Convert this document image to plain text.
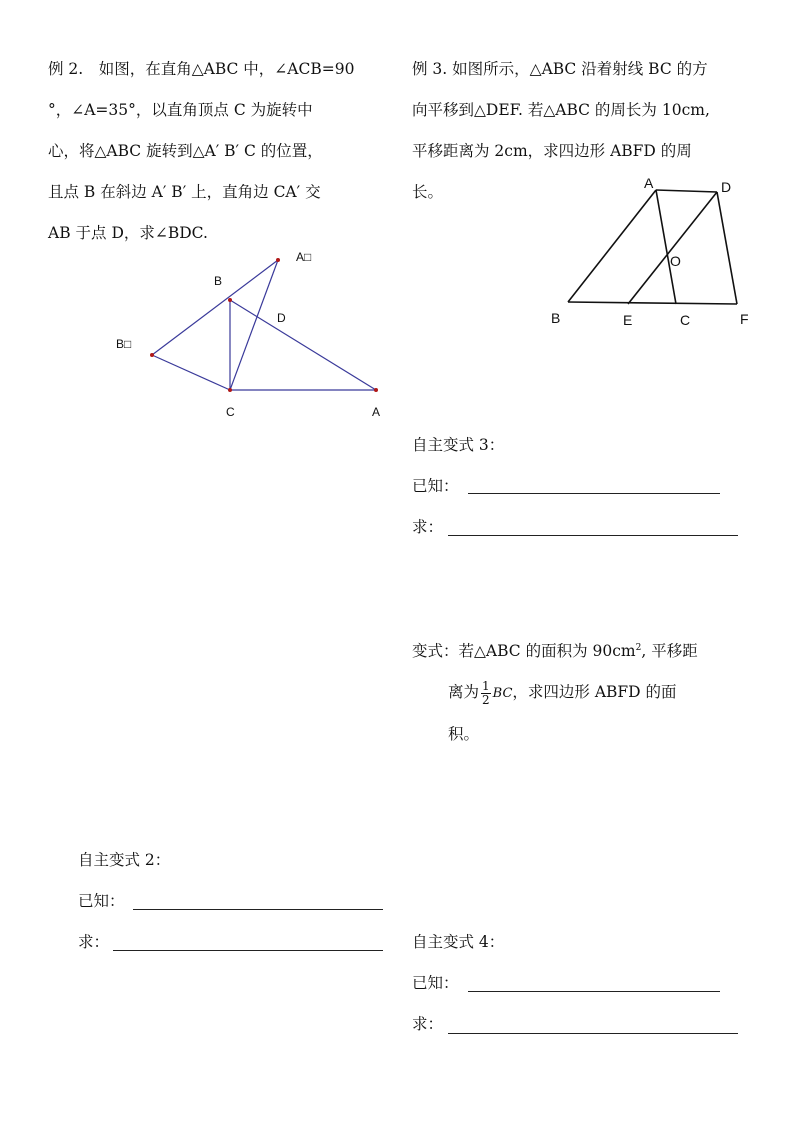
例 2.　如图，在直角△ABC 中，∠ACB=90
°，∠A=35°，以直角顶点 C 为旋转中
心，将△ABC 旋转到△A′ B′ C 的位置，
且点 B 在斜边 A′ B′ 上，直角边 CA′ 交
AB 于点 D，求∠BDC.
A□
B
D
B□
C	A
例 3. 如图所示，△ABC 沿着射线 BC 的方
向平移到△DEF. 若△ABC 的周长为 10cm,
平移距离为 2cm，求四边形 ABFD 的周
长。	A	D
O
B	E	C	F
自主变式 3：
已知：
求：
变式：若△ABC 的面积为 $90cm^2$, 平移距
离为 $\frac{1}{2}$ BC，求四边形 ABFD 的面
积。
自主变式 2：
已知：
求：	自主变式 4：
已知：
求：
